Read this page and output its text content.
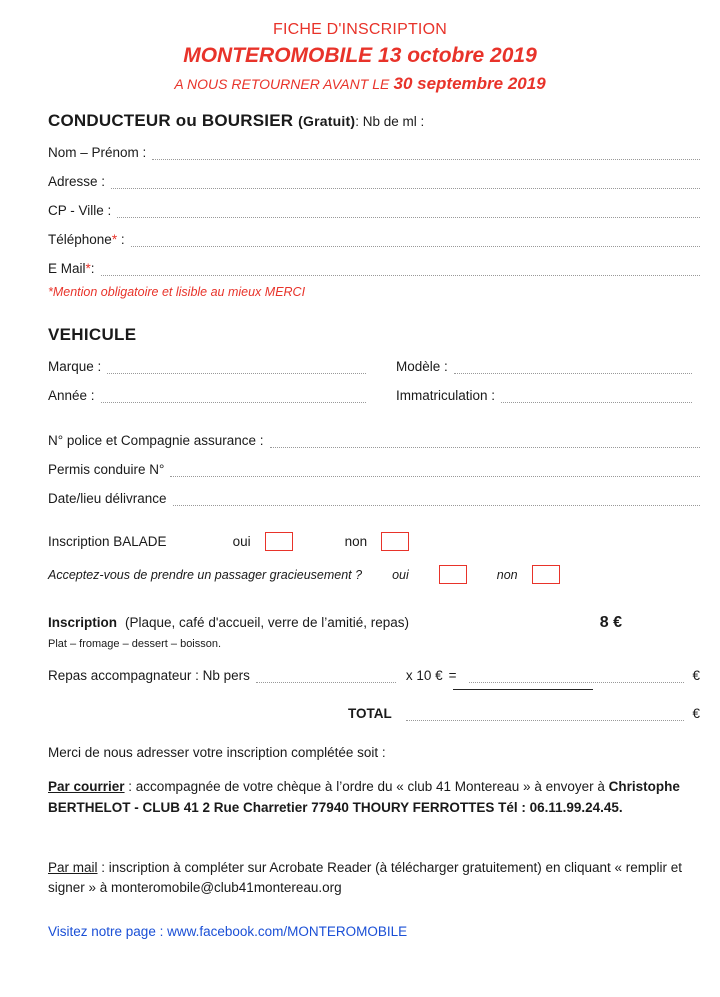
FICHE D'INSCRIPTION
MONTEROMOBILE 13 octobre 2019
A NOUS RETOURNER AVANT LE 30 septembre 2019
CONDUCTEUR ou BOURSIER (Gratuit): Nb de ml :
Nom – Prénom :
Adresse :
CP - Ville :
Téléphone* :
E Mail*:
*Mention obligatoire et lisible au mieux MERCI
VEHICULE
Marque :	Modèle :
Année :	Immatriculation :
N° police et Compagnie assurance :
Permis conduire N°
Date/lieu délivrance
Inscription BALADE	oui	non
Acceptez-vous de prendre un passager gracieusement ? oui	non
Inscription (Plaque, café d'accueil, verre de l’amitié, repas)	8 €
Plat – fromage – dessert – boisson.
Repas accompagnateur : Nb pers	x 10 € =	€
TOTAL	€
Merci de nous adresser votre inscription complétée soit :
Par courrier : accompagnée de votre chèque à l’ordre du « club 41 Montereau » à envoyer à Christophe BERTHELOT - CLUB 41 2 Rue Charretier 77940 THOURY FERROTTES Tél : 06.11.99.24.45.
Par mail : inscription à compléter sur Acrobate Reader (à télécharger gratuitement) en cliquant « remplir et signer » à monteromobile@club41montereau.org
Visitez notre page : www.facebook.com/MONTEROMOBILE
